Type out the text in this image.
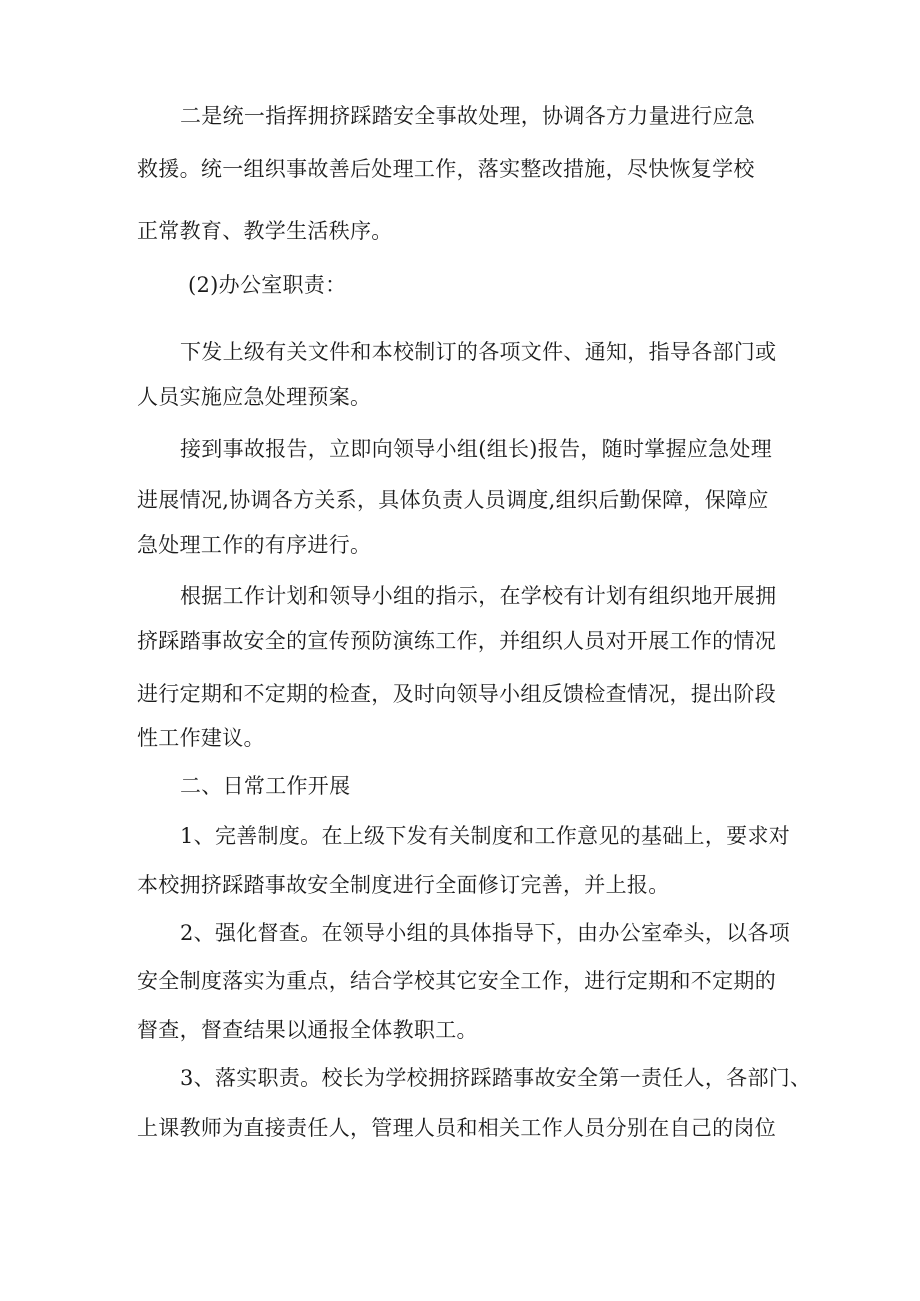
二是统一指挥拥挤踩踏安全事故处理，协调各方力量进行应急
救援。统一组织事故善后处理工作，落实整改措施，尽快恢复学校
正常教育、教学生活秩序。
(2)办公室职责：
下发上级有关文件和本校制订的各项文件、通知，指导各部门或
人员实施应急处理预案。
接到事故报告，立即向领导小组(组长)报告，随时掌握应急处理
进展情况,协调各方关系，具体负责人员调度,组织后勤保障，保障应
急处理工作的有序进行。
根据工作计划和领导小组的指示，在学校有计划有组织地开展拥
挤踩踏事故安全的宣传预防演练工作，并组织人员对开展工作的情况
进行定期和不定期的检查，及时向领导小组反馈检查情况，提出阶段
性工作建议。
二、日常工作开展
1、完善制度。在上级下发有关制度和工作意见的基础上，要求对
本校拥挤踩踏事故安全制度进行全面修订完善，并上报。
2、强化督查。在领导小组的具体指导下，由办公室牵头，以各项
安全制度落实为重点，结合学校其它安全工作，进行定期和不定期的
督查，督查结果以通报全体教职工。
3、落实职责。校长为学校拥挤踩踏事故安全第一责任人，各部门、
上课教师为直接责任人，管理人员和相关工作人员分别在自己的岗位
